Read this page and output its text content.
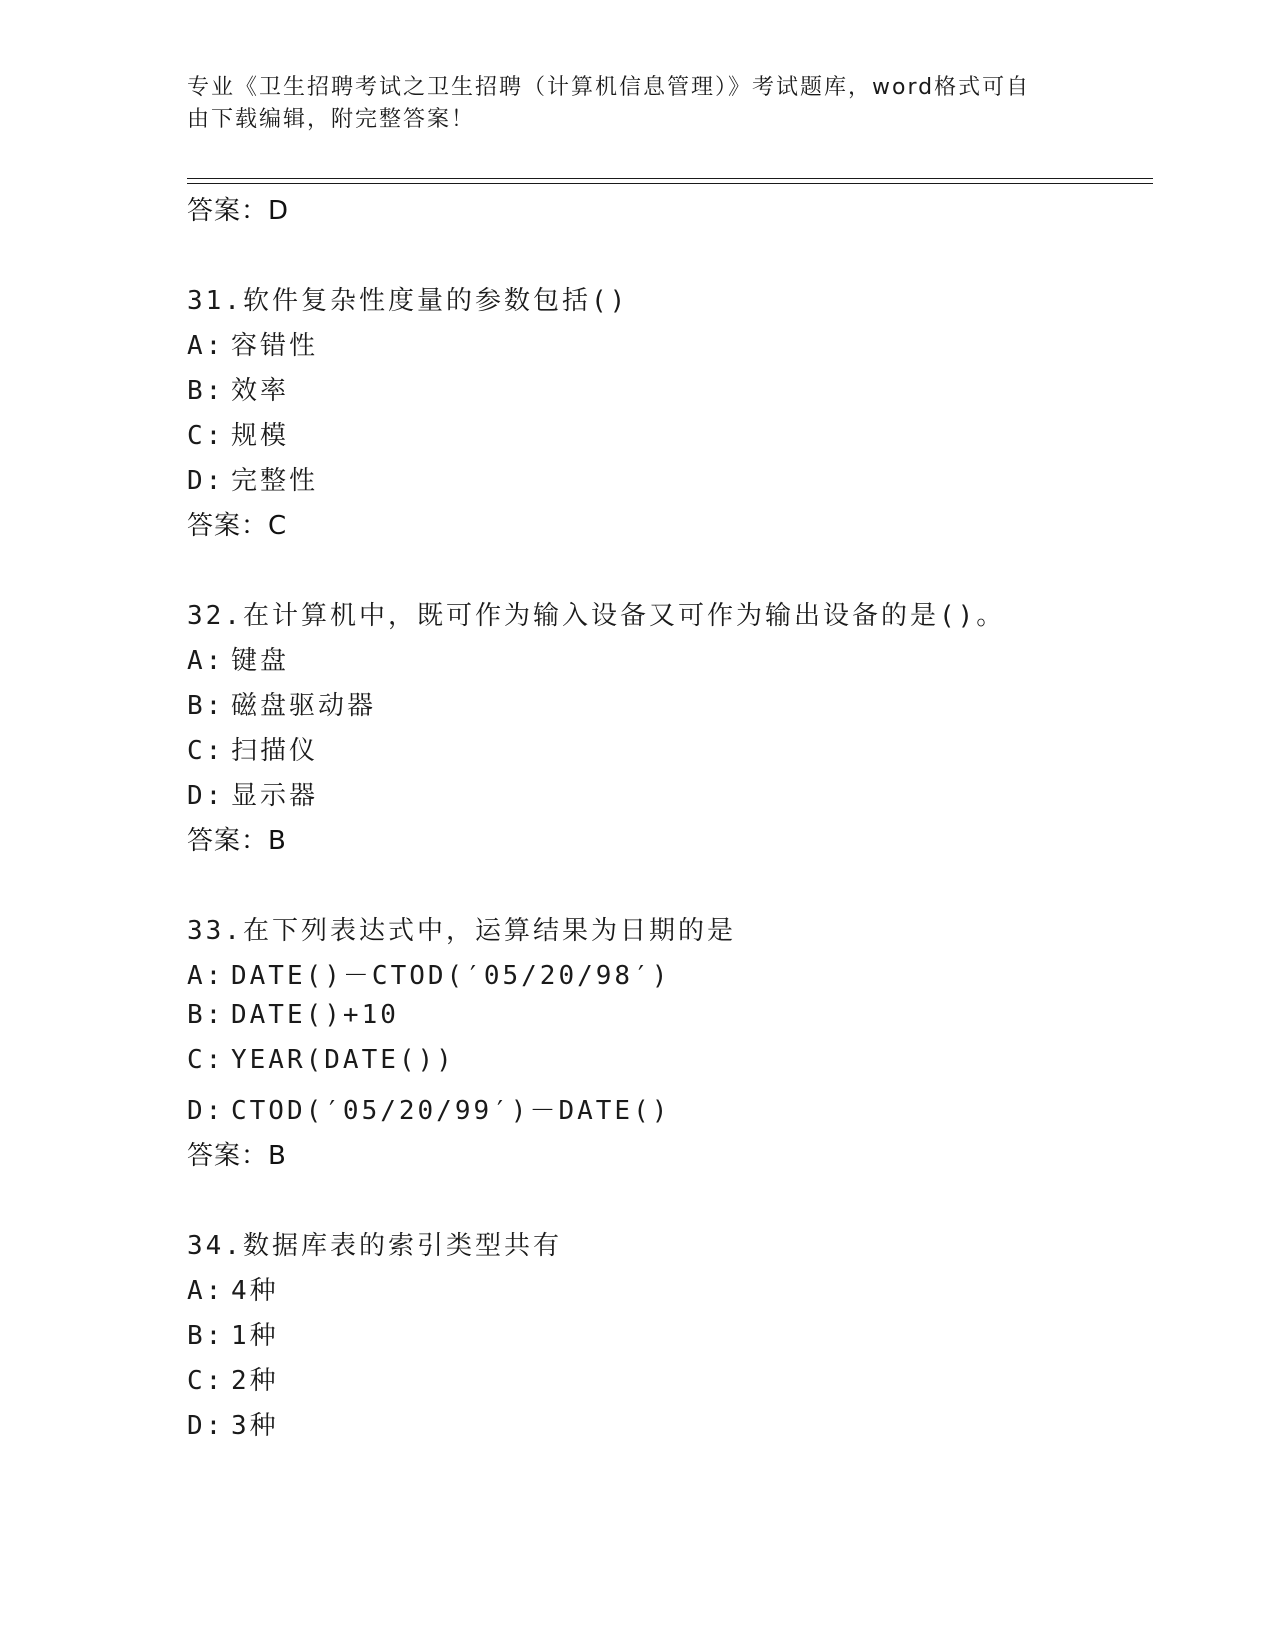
专业《卫生招聘考试之卫生招聘（计算机信息管理）》考试题库，word格式可自
由下载编辑，附完整答案！
答案：D
31.软件复杂性度量的参数包括()
A: 容错性
B: 效率
C: 规模
D: 完整性
答案：C
32.在计算机中，既可作为输入设备又可作为输出设备的是()。
A: 键盘
B: 磁盘驱动器
C: 扫描仪
D: 显示器
答案：B
33.在下列表达式中，运算结果为日期的是
A: DATE()－CTOD(′05/20/98′)
B: DATE()+10
C: YEAR(DATE())
D: CTOD(′05/20/99′)－DATE()
答案：B
34.数据库表的索引类型共有
A: 4种
B: 1种
C: 2种
D: 3种
